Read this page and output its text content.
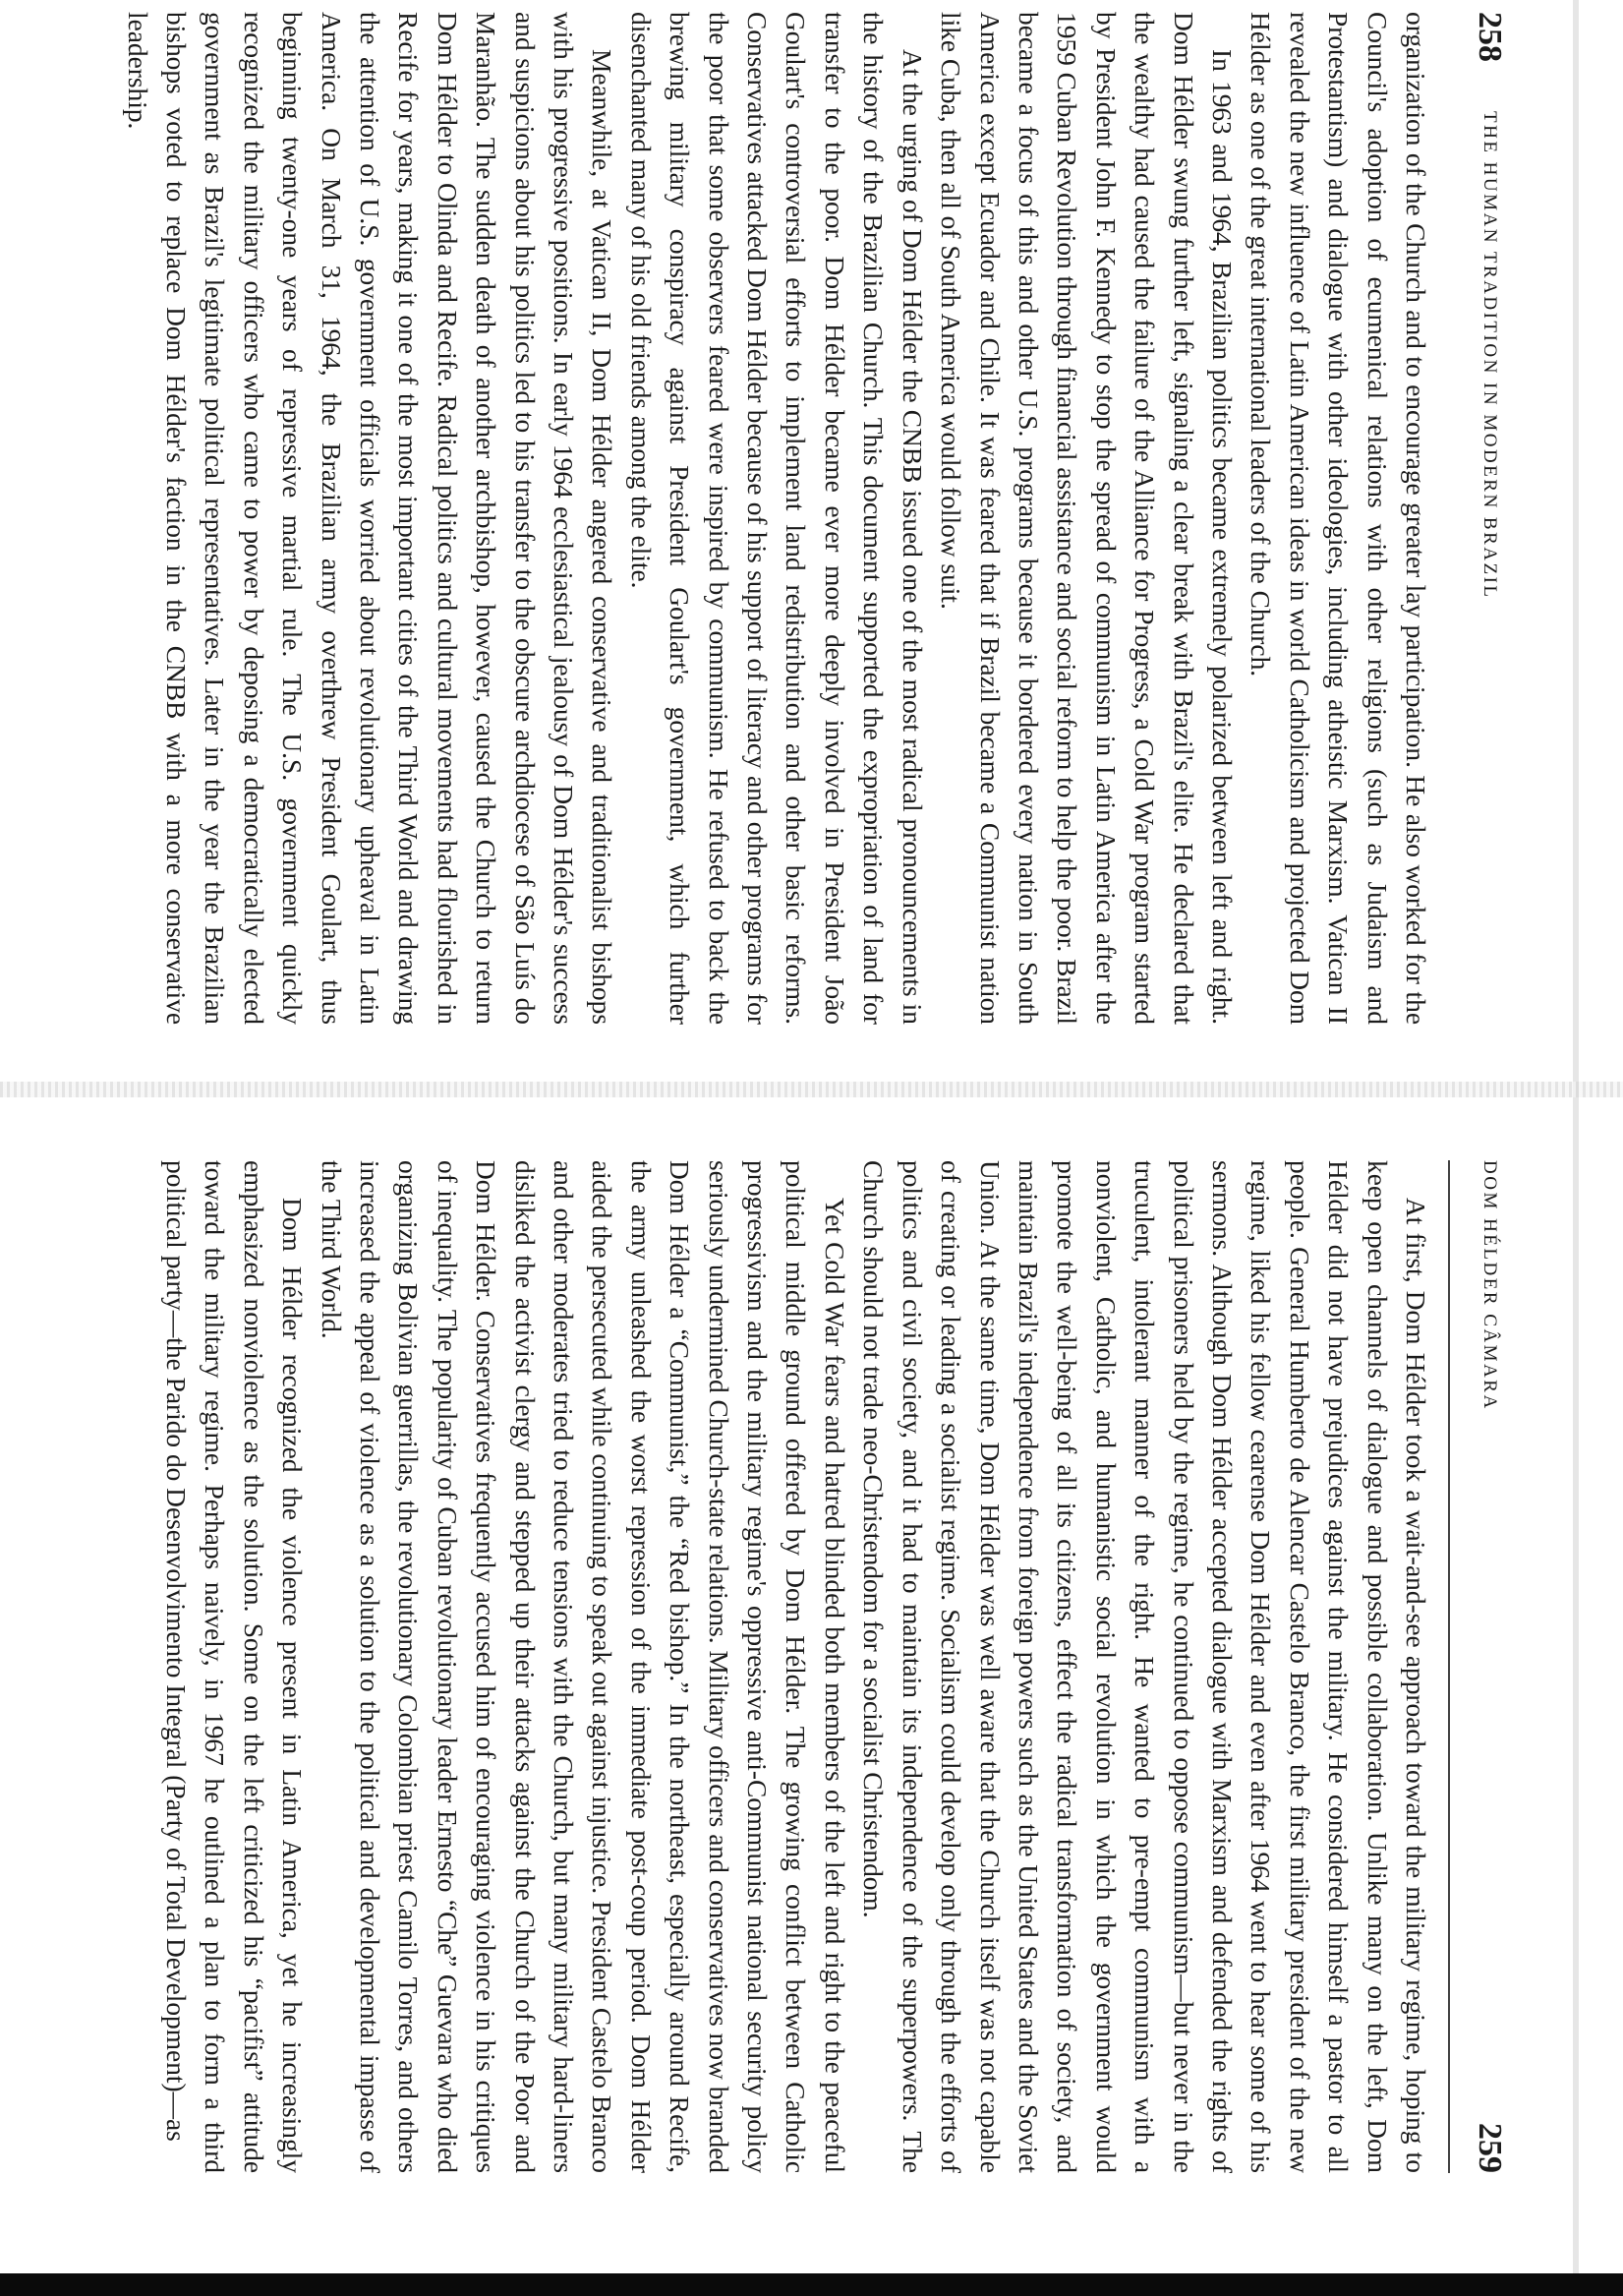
258
THE HUMAN TRADITION IN MODERN BRAZIL

organization of the Church and to encourage greater lay participation. He also worked for the Council's adoption of ecumenical relations with other religions (such as Judaism and Protestantism) and dialogue with other ideologies, including atheistic Marxism. Vatican II revealed the new influence of Latin American ideas in world Catholicism and projected Dom Hélder as one of the great international leaders of the Church.

In 1963 and 1964, Brazilian politics became extremely polarized between left and right. Dom Hélder swung further left, signaling a clear break with Brazil's elite. He declared that the wealthy had caused the failure of the Alliance for Progress, a Cold War program started by President John F. Kennedy to stop the spread of communism in Latin America after the 1959 Cuban Revolution through financial assistance and social reform to help the poor. Brazil became a focus of this and other U.S. programs because it bordered every nation in South America except Ecuador and Chile. It was feared that if Brazil became a Communist nation like Cuba, then all of South America would follow suit.

At the urging of Dom Hélder the CNBB issued one of the most radical pronouncements in the history of the Brazilian Church. This document supported the expropriation of land for transfer to the poor. Dom Hélder became ever more deeply involved in President João Goulart's controversial efforts to implement land redistribution and other basic reforms. Conservatives attacked Dom Hélder because of his support of literacy and other programs for the poor that some observers feared were inspired by communism. He refused to back the brewing military conspiracy against President Goulart's government, which further disenchanted many of his old friends among the elite.

Meanwhile, at Vatican II, Dom Hélder angered conservative and traditionalist bishops with his progressive positions. In early 1964 ecclesiastical jealousy of Dom Hélder's success and suspicions about his politics led to his transfer to the obscure archdiocese of São Luís do Maranhão. The sudden death of another archbishop, however, caused the Church to return Dom Hélder to Olinda and Recife. Radical politics and cultural movements had flourished in Recife for years, making it one of the most important cities of the Third World and drawing the attention of U.S. government officials worried about revolutionary upheaval in Latin America. On March 31, 1964, the Brazilian army overthrew President Goulart, thus beginning twenty-one years of repressive martial rule. The U.S. government quickly recognized the military officers who came to power by deposing a democratically elected government as Brazil's legitimate political representatives. Later in the year the Brazilian bishops voted to replace Dom Hélder's faction in the CNBB with a more conservative leadership.

DOM HÉLDER CÂMARA
259

At first, Dom Hélder took a wait-and-see approach toward the military regime, hoping to keep open channels of dialogue and possible collaboration. Unlike many on the left, Dom Hélder did not have prejudices against the military. He considered himself a pastor to all people. General Humberto de Alencar Castelo Branco, the first military president of the new regime, liked his fellow cearense Dom Hélder and even after 1964 went to hear some of his sermons. Although Dom Hélder accepted dialogue with Marxism and defended the rights of political prisoners held by the regime, he continued to oppose communism—but never in the truculent, intolerant manner of the right. He wanted to pre-empt communism with a nonviolent, Catholic, and humanistic social revolution in which the government would promote the well-being of all its citizens, effect the radical transformation of society, and maintain Brazil's independence from foreign powers such as the United States and the Soviet Union. At the same time, Dom Hélder was well aware that the Church itself was not capable of creating or leading a socialist regime. Socialism could develop only through the efforts of politics and civil society, and it had to maintain its independence of the superpowers. The Church should not trade neo-Christendom for a socialist Christendom.

Yet Cold War fears and hatred blinded both members of the left and right to the peaceful political middle ground offered by Dom Hélder. The growing conflict between Catholic progressivism and the military regime's oppressive anti-Communist national security policy seriously undermined Church-state relations. Military officers and conservatives now branded Dom Hélder a “Communist,” the “Red bishop.” In the northeast, especially around Recife, the army unleashed the worst repression of the immediate post-coup period. Dom Hélder aided the persecuted while continuing to speak out against injustice. President Castelo Branco and other moderates tried to reduce tensions with the Church, but many military hard-liners disliked the activist clergy and stepped up their attacks against the Church of the Poor and Dom Hélder. Conservatives frequently accused him of encouraging violence in his critiques of inequality. The popularity of Cuban revolutionary leader Ernesto “Che” Guevara who died organizing Bolivian guerrillas, the revolutionary Colombian priest Camilo Torres, and others increased the appeal of violence as a solution to the political and developmental impasse of the Third World.

Dom Hélder recognized the violence present in Latin America, yet he increasingly emphasized nonviolence as the solution. Some on the left criticized his “pacifist” attitude toward the military regime. Perhaps naively, in 1967 he outlined a plan to form a third political party—the Parido do Desenvolvimento Integral (Party of Total Development)—as
